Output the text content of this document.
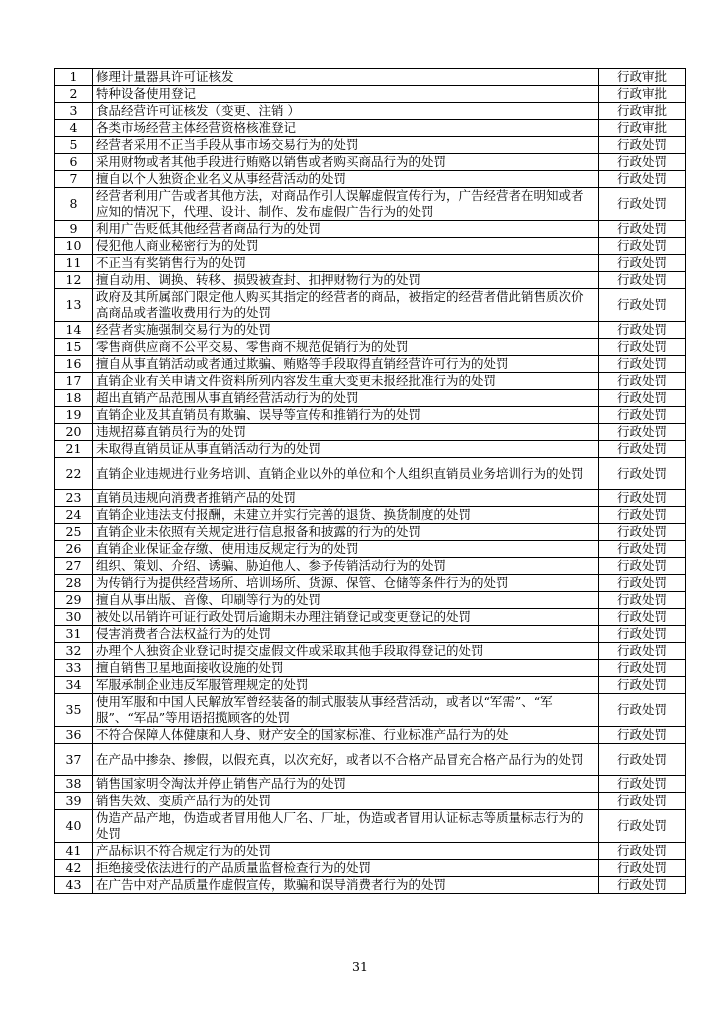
1	修理计量器具许可证核发	行政审批
2	特种设备使用登记	行政审批
3	食品经营许可证核发（变更、注销 ）	行政审批
4	各类市场经营主体经营资格核准登记	行政审批
5	经营者采用不正当手段从事市场交易行为的处罚	行政处罚
6	采用财物或者其他手段进行贿赂以销售或者购买商品行为的处罚	行政处罚
7	擅自以个人独资企业名义从事经营活动的处罚	行政处罚
8	经营者利用广告或者其他方法，对商品作引人误解虚假宣传行为，广告经营者在明知或者应知的情况下，代理、设计、制作、发布虚假广告行为的处罚	行政处罚
9	利用广告贬低其他经营者商品行为的处罚	行政处罚
10	侵犯他人商业秘密行为的处罚	行政处罚
11	不正当有奖销售行为的处罚	行政处罚
12	擅自动用、调换、转移、损毁被查封、扣押财物行为的处罚	行政处罚
13	政府及其所属部门限定他人购买其指定的经营者的商品，被指定的经营者借此销售质次价高商品或者滥收费用行为的处罚	行政处罚
14	经营者实施强制交易行为的处罚	行政处罚
15	零售商供应商不公平交易、零售商不规范促销行为的处罚	行政处罚
16	擅自从事直销活动或者通过欺骗、贿赂等手段取得直销经营许可行为的处罚	行政处罚
17	直销企业有关申请文件资料所列内容发生重大变更未报经批准行为的处罚	行政处罚
18	超出直销产品范围从事直销经营活动行为的处罚	行政处罚
19	直销企业及其直销员有欺骗、误导等宣传和推销行为的处罚	行政处罚
20	违规招募直销员行为的处罚	行政处罚
21	未取得直销员证从事直销活动行为的处罚	行政处罚
22	直销企业违规进行业务培训、直销企业以外的单位和个人组织直销员业务培训行为的处罚	行政处罚
23	直销员违规向消费者推销产品的处罚	行政处罚
24	直销企业违法支付报酬，未建立并实行完善的退货、换货制度的处罚	行政处罚
25	直销企业未依照有关规定进行信息报备和披露的行为的处罚	行政处罚
26	直销企业保证金存缴、使用违反规定行为的处罚	行政处罚
27	组织、策划、介绍、诱骗、胁迫他人、参予传销活动行为的处罚	行政处罚
28	为传销行为提供经营场所、培训场所、货源、保管、仓储等条件行为的处罚	行政处罚
29	擅自从事出版、音像、印刷等行为的处罚	行政处罚
30	被处以吊销许可证行政处罚后逾期未办理注销登记或变更登记的处罚	行政处罚
31	侵害消费者合法权益行为的处罚	行政处罚
32	办理个人独资企业登记时提交虚假文件或采取其他手段取得登记的处罚	行政处罚
33	擅自销售卫星地面接收设施的处罚	行政处罚
34	军服承制企业违反军服管理规定的处罚	行政处罚
35	使用军服和中国人民解放军曾经装备的制式服装从事经营活动，或者以“军需”、“军服”、“军品”等用语招揽顾客的处罚	行政处罚
36	不符合保障人体健康和人身、财产安全的国家标准、行业标准产品行为的处	行政处罚
37	在产品中掺杂、掺假，以假充真，以次充好，或者以不合格产品冒充合格产品行为的处罚	行政处罚
38	销售国家明令淘汰并停止销售产品行为的处罚	行政处罚
39	销售失效、变质产品行为的处罚	行政处罚
40	伪造产品产地，伪造或者冒用他人厂名、厂址，伪造或者冒用认证标志等质量标志行为的处罚	行政处罚
41	产品标识不符合规定行为的处罚	行政处罚
42	拒绝接受依法进行的产品质量监督检查行为的处罚	行政处罚
43	在广告中对产品质量作虚假宣传，欺骗和误导消费者行为的处罚	行政处罚
31
